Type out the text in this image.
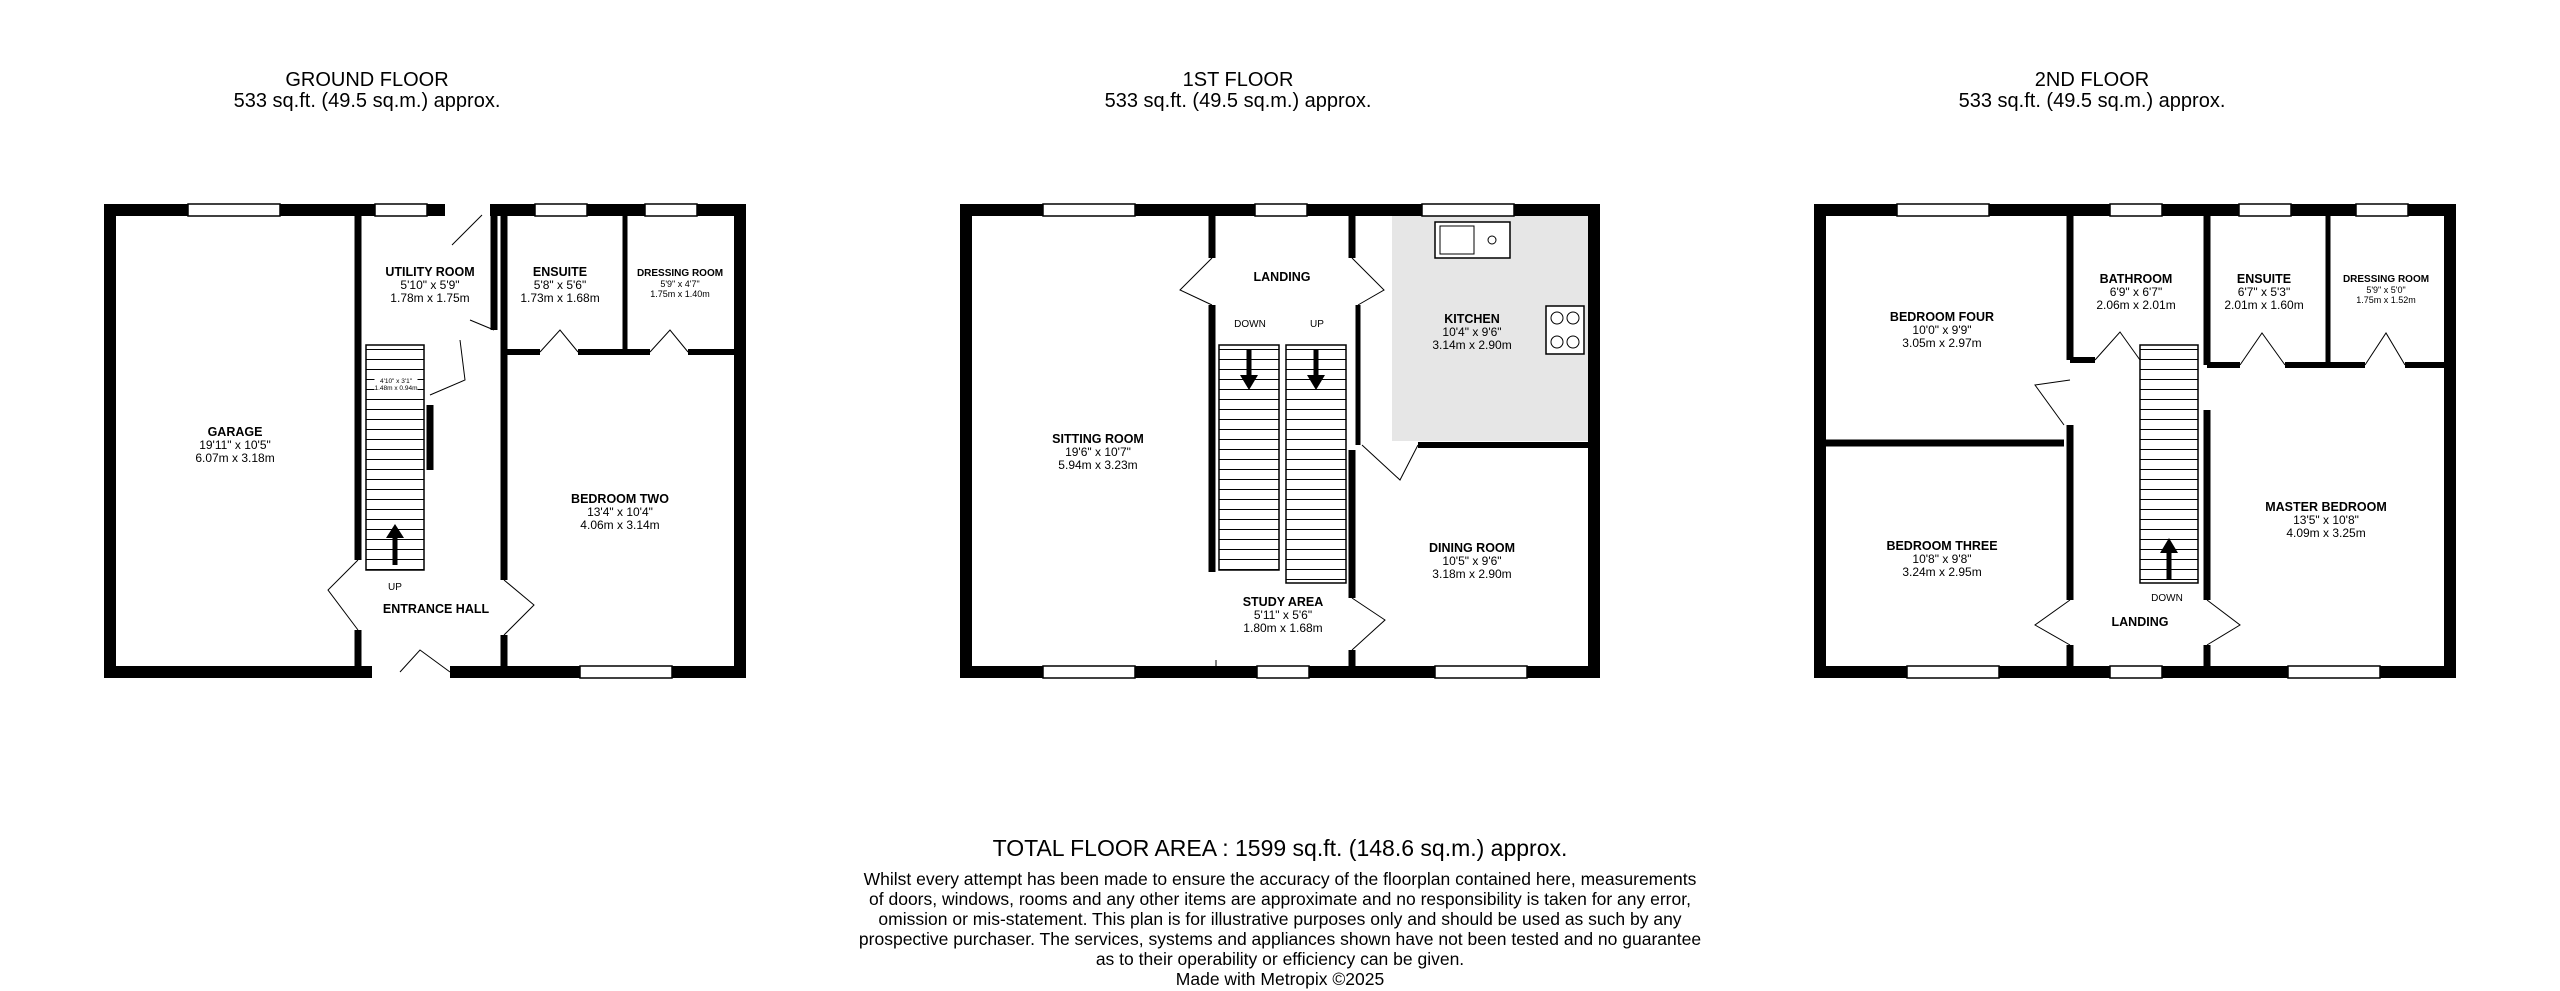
GROUND FLOOR
533 sq.ft. (49.5 sq.m.) approx.
1ST FLOOR
533 sq.ft. (49.5 sq.m.) approx.
2ND FLOOR
533 sq.ft. (49.5 sq.m.) approx.
GARAGE
19'11" x 10'5"
6.07m x 3.18m
UTILITY ROOM
5'10" x 5'9"
1.78m x 1.75m
ENSUITE
5'8" x 5'6"
1.73m x 1.68m
DRESSING ROOM
5'9" x 4'7"
1.75m x 1.40m
BEDROOM TWO
13'4" x 10'4"
4.06m x 3.14m
ENTRANCE HALL
4'10" x 3'1"
1.48m x 0.94m
UP
SITTING ROOM
19'6" x 10'7"
5.94m x 3.23m
LANDING
KITCHEN
10'4" x 9'6"
3.14m x 2.90m
DINING ROOM
10'5" x 9'6"
3.18m x 2.90m
STUDY AREA
5'11" x 5'6"
1.80m x 1.68m
DOWN	UP
BEDROOM FOUR
10'0" x 9'9"
3.05m x 2.97m
BATHROOM
6'9" x 6'7"
2.06m x 2.01m
ENSUITE
6'7" x 5'3"
2.01m x 1.60m
DRESSING ROOM
5'9" x 5'0"
1.75m x 1.52m
BEDROOM THREE
10'8" x 9'8"
3.24m x 2.95m
MASTER BEDROOM
13'5" x 10'8"
4.09m x 3.25m
LANDING
DOWN
TOTAL FLOOR AREA : 1599 sq.ft. (148.6 sq.m.) approx.
Whilst every attempt has been made to ensure the accuracy of the floorplan contained here, measurements
of doors, windows, rooms and any other items are approximate and no responsibility is taken for any error,
omission or mis-statement. This plan is for illustrative purposes only and should be used as such by any
prospective purchaser. The services, systems and appliances shown have not been tested and no guarantee
as to their operability or efficiency can be given.
Made with Metropix ©2025
